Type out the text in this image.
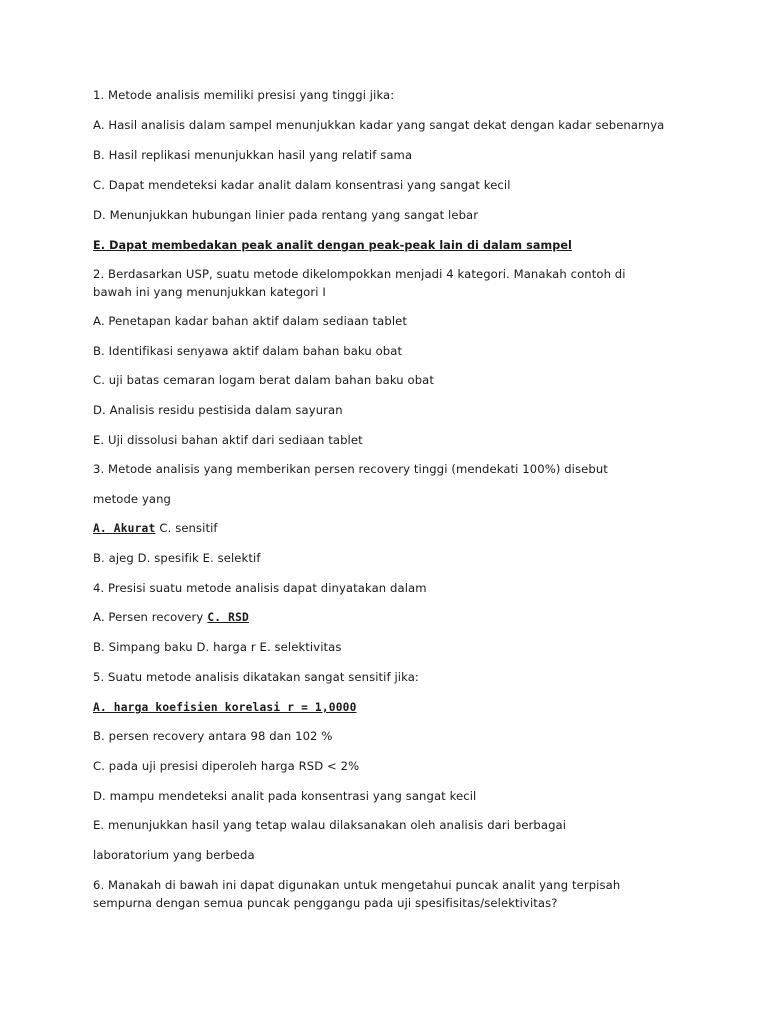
1. Metode analisis memiliki presisi yang tinggi jika:
A. Hasil analisis dalam sampel menunjukkan kadar yang sangat dekat dengan kadar sebenarnya
B. Hasil replikasi menunjukkan hasil yang relatif sama
C. Dapat mendeteksi kadar analit dalam konsentrasi yang sangat kecil
D. Menunjukkan hubungan linier pada rentang yang sangat lebar
E. Dapat membedakan peak analit dengan peak-peak lain di dalam sampel
2. Berdasarkan USP, suatu metode dikelompokkan menjadi 4 kategori. Manakah contoh di bawah ini yang menunjukkan kategori I
A. Penetapan kadar bahan aktif dalam sediaan tablet
B. Identifikasi senyawa aktif dalam bahan baku obat
C. uji batas cemaran logam berat dalam bahan baku obat
D. Analisis residu pestisida dalam sayuran
E. Uji dissolusi bahan aktif dari sediaan tablet
3. Metode analisis yang memberikan persen recovery tinggi (mendekati 100%) disebut
metode yang
A. Akurat C. sensitif
B. ajeg D. spesifik E. selektif
4. Presisi suatu metode analisis dapat dinyatakan dalam
A. Persen recovery C. RSD
B. Simpang baku D. harga r E. selektivitas
5. Suatu metode analisis dikatakan sangat sensitif jika:
A. harga koefisien korelasi r = 1,0000
B. persen recovery antara 98 dan 102 %
C. pada uji presisi diperoleh harga RSD < 2%
D. mampu mendeteksi analit pada konsentrasi yang sangat kecil
E. menunjukkan hasil yang tetap walau dilaksanakan oleh analisis dari berbagai
laboratorium yang berbeda
6. Manakah di bawah ini dapat digunakan untuk mengetahui puncak analit yang terpisah sempurna dengan semua puncak penggangu pada uji spesifisitas/selektivitas?
